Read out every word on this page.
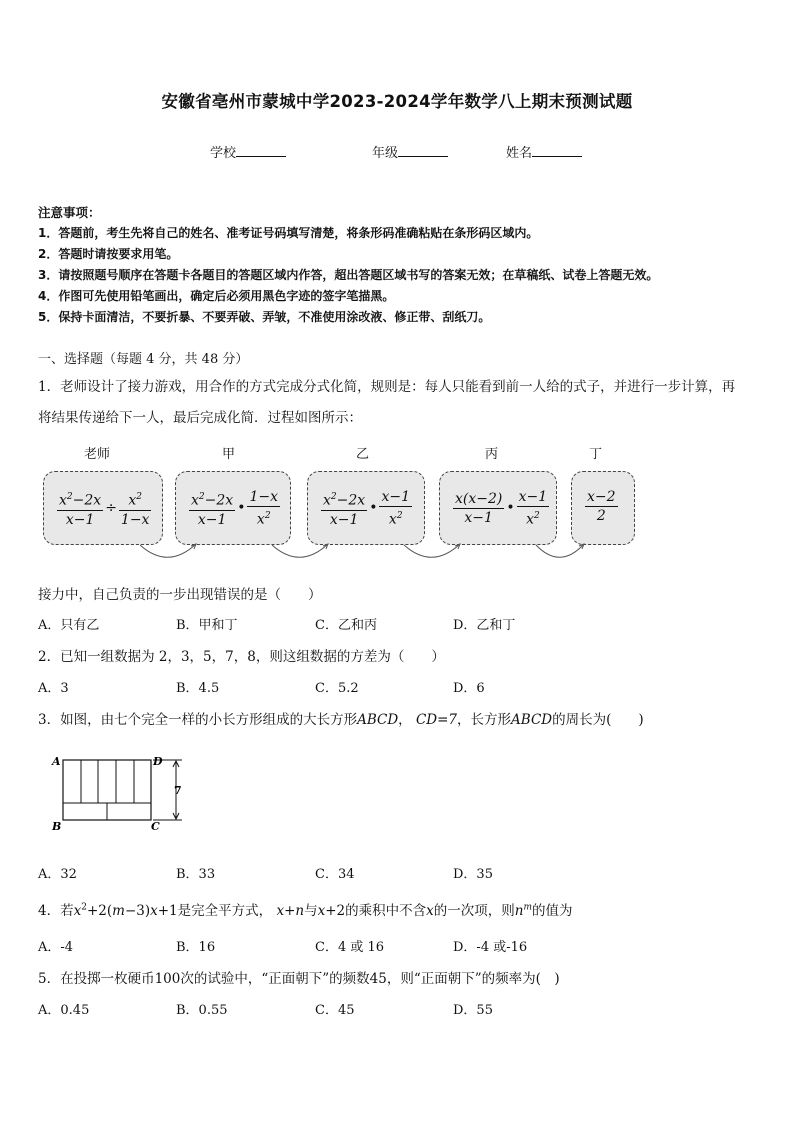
安徽省亳州市蒙城中学2023-2024学年数学八上期末预测试题
学校	年级	姓名
注意事项：
1．答题前，考生先将自己的姓名、准考证号码填写清楚，将条形码准确粘贴在条形码区域内。
2．答题时请按要求用笔。
3．请按照题号顺序在答题卡各题目的答题区域内作答，超出答题区域书写的答案无效；在草稿纸、试卷上答题无效。
4．作图可先使用铅笔画出，确定后必须用黑色字迹的签字笔描黑。
5．保持卡面清洁，不要折暴、不要弄破、弄皱，不准使用涂改液、修正带、刮纸刀。
一、选择题（每题 4 分，共 48 分）
1．老师设计了接力游戏，用合作的方式完成分式化简，规则是：每人只能看到前一人给的式子，并进行一步计算，再
将结果传递给下一人，最后完成化简．过程如图所示：
老师	甲	乙	丙	丁
$\frac{x^2-2x}{x-1} \div \frac{x^2}{1-x}$	$\frac{x^2-2x}{x-1}$ • $\frac{1-x}{x^2}$	$\frac{x^2-2x}{x-1}$ • $\frac{x-1}{x^2}$	$\frac{x(x-2)}{x-1}$ • $\frac{x-1}{x^2}$	$\frac{x-2}{2}$
接力中，自己负责的一步出现错误的是（　　）
A．只有乙	B．甲和丁	C．乙和丙	D．乙和丁
2．已知一组数据为 2，3，5，7，8，则这组数据的方差为（　　）
A．3	B．4.5	C．5.2	D．6
3．如图，由七个完全一样的小长方形组成的大长方形ABCD， CD=7，长方形ABCD的周长为(　　)
A	D
B	C
7
A．32	B．33	C．34	D．35
4．若$x^2+2(m-3)x+1$是完全平方式， x+n与x+2的乘积中不含x的一次项，则$n^m$的值为
A．-4	B．16	C．4 或 16	D．-4 或-16
5．在投掷一枚硬币100次的试验中，“正面朝下”的频数45，则“正面朝下”的频率为(　)
A．0.45	B．0.55	C．45	D．55
